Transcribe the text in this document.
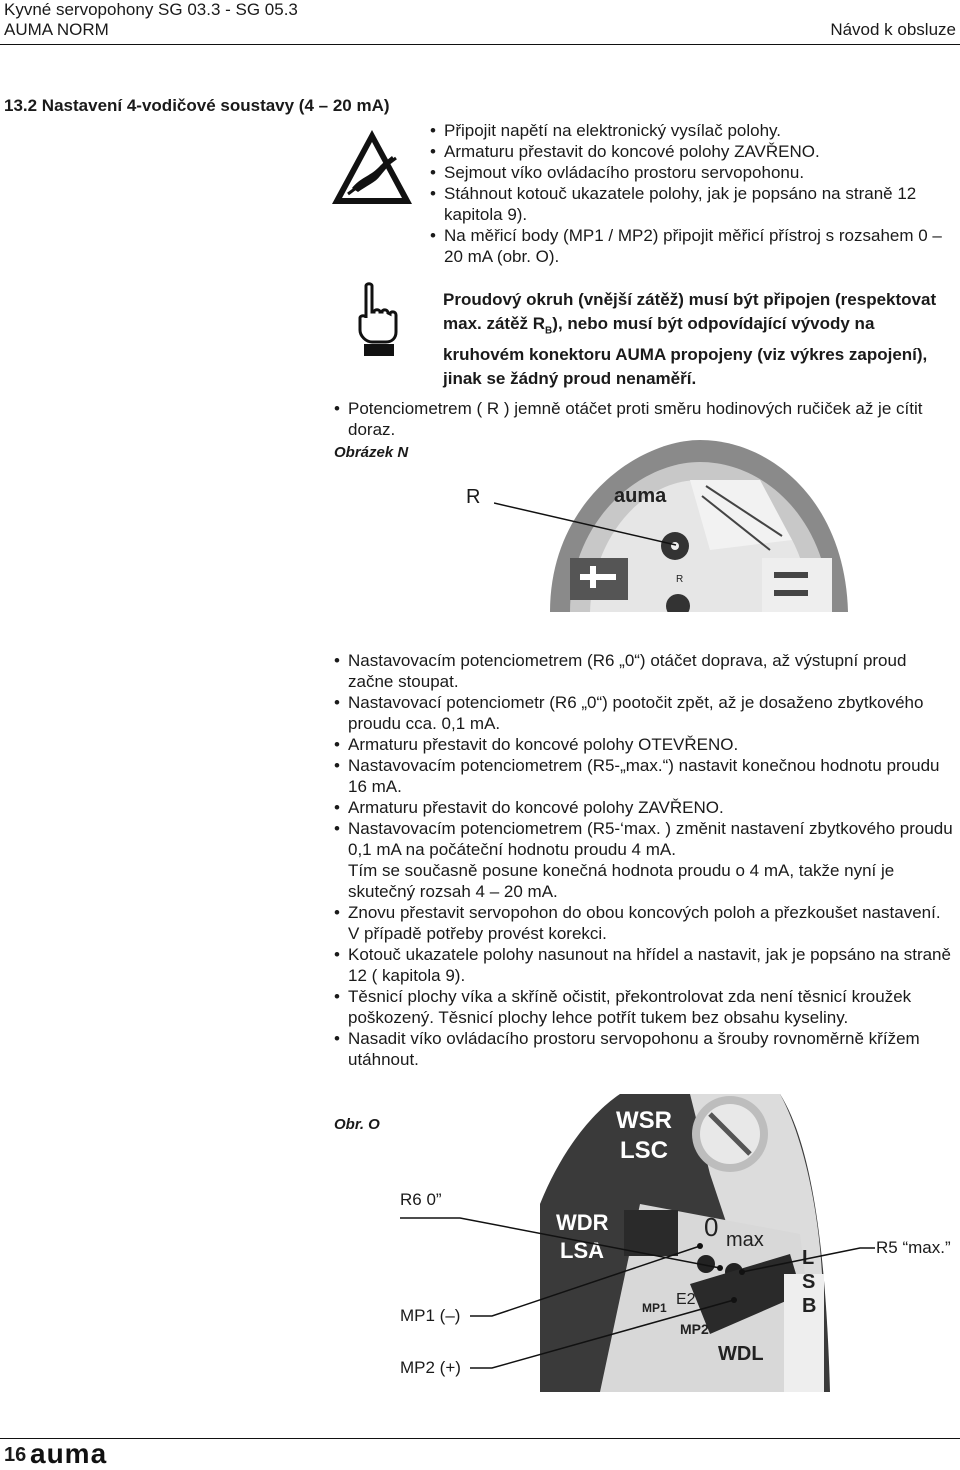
Kyvné servopohony SG 03.3 - SG 05.3
AUMA NORM	Návod k obsluze
13.2 Nastavení 4-vodičové soustavy (4 – 20 mA)
• Připojit napětí na elektronický vysílač polohy.
• Armaturu přestavit do koncové polohy ZAVŘENO.
• Sejmout víko ovládacího prostoru servopohonu.
• Stáhnout kotouč ukazatele polohy, jak je popsáno na straně 12 kapitola 9).
• Na měřicí body (MP1 / MP2) připojit měřicí přístroj s rozsahem 0 – 20 mA (obr. O).
Proudový okruh (vnější zátěž) musí být připojen (respektovat max. zátěž $R_B$), nebo musí být odpovídající vývody na kruhovém konektoru AUMA propojeny (viz výkres zapojení), jinak se žádný proud nenaměří.
• Potenciometrem ( R ) jemně otáčet proti směru hodinových ručiček až je cítit doraz.
Obrázek N
auma
R
R
• Nastavovacím potenciometrem (R6 „0“) otáčet doprava, až výstupní proud začne stoupat.
• Nastavovací potenciometr (R6 „0“) pootočit zpět, až je dosaženo zbytkového proudu cca. 0,1 mA.
• Armaturu přestavit do koncové polohy OTEVŘENO.
• Nastavovacím potenciometrem (R5-„max.“) nastavit konečnou hodnotu proudu 16 mA.
• Armaturu přestavit do koncové polohy ZAVŘENO.
• Nastavovacím potenciometrem (R5-‘max. ) změnit nastavení zbytkového proudu 0,1 mA na počáteční hodnotu proudu 4 mA.
Tím se současně posune konečná hodnota proudu o 4 mA, takže nyní je skutečný rozsah 4 – 20 mA.
• Znovu přestavit servopohon do obou koncových poloh a přezkoušet nastavení. V případě potřeby provést korekci.
• Kotouč ukazatele polohy nasunout na hřídel a nastavit, jak je popsáno na straně 12 ( kapitola 9).
• Těsnicí plochy víka a skříně očistit, překontrolovat zda není těsnicí kroužek poškozený. Těsnicí plochy lehce potřít tukem bez obsahu kyseliny.
• Nasadit víko ovládacího prostoru servopohonu a šrouby rovnoměrně křížem utáhnout.
Obr. O	WSR
LSC
WDR
LSA
0 max
E2
MP1
MP2
WDL
L
S
B
R6 0”
R5 “max.”
MP1 (–)
MP2 (+)
16 auma
